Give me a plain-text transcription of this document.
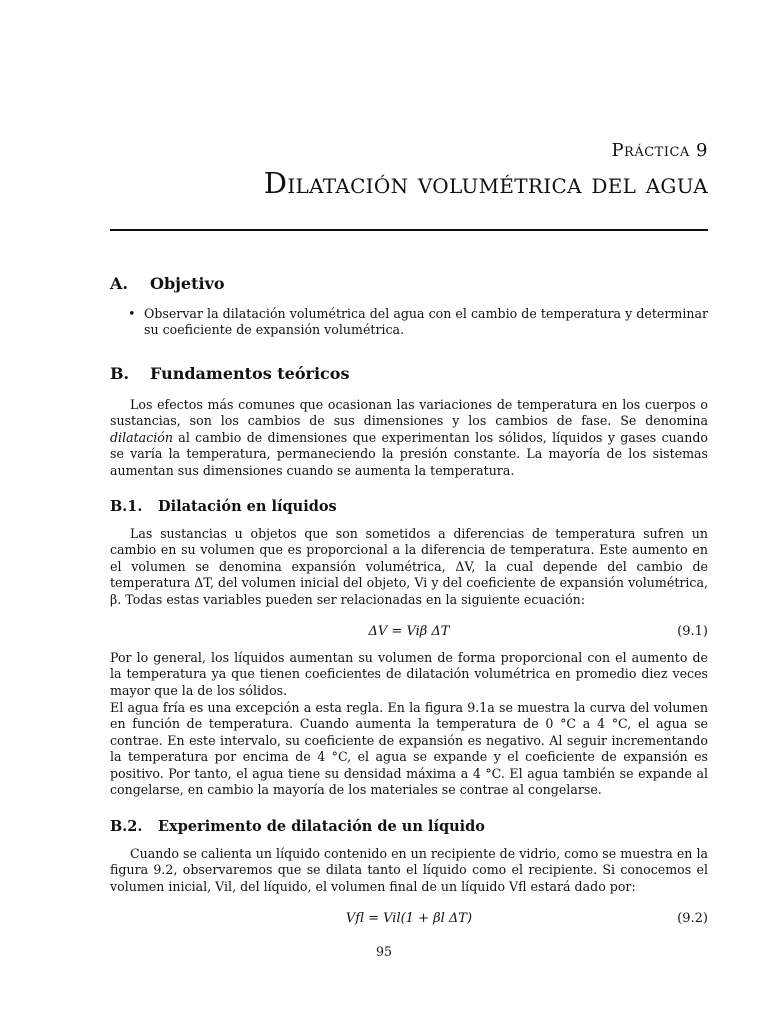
Práctica 9
Dilatación volumétrica del agua
A. Objetivo
• Observar la dilatación volumétrica del agua con el cambio de temperatura y determinar su coeficiente de expansión volumétrica.
B. Fundamentos teóricos
Los efectos más comunes que ocasionan las variaciones de temperatura en los cuerpos o sustancias, son los cambios de sus dimensiones y los cambios de fase. Se denomina dilatación al cambio de dimensiones que experimentan los sólidos, líquidos y gases cuando se varía la temperatura, permaneciendo la presión constante. La mayoría de los sistemas aumentan sus dimensiones cuando se aumenta la temperatura.
B.1. Dilatación en líquidos
Las sustancias u objetos que son sometidos a diferencias de temperatura sufren un cambio en su volumen que es proporcional a la diferencia de temperatura. Este aumento en el volumen se denomina expansión volumétrica, ΔV, la cual depende del cambio de temperatura ΔT, del volumen inicial del objeto, Vi y del coeficiente de expansión volumétrica, β. Todas estas variables pueden ser relacionadas en la siguiente ecuación:
ΔV = Viβ ΔT	(9.1)
Por lo general, los líquidos aumentan su volumen de forma proporcional con el aumento de la temperatura ya que tienen coeficientes de dilatación volumétrica en promedio diez veces mayor que la de los sólidos.
El agua fría es una excepción a esta regla. En la figura 9.1a se muestra la curva del volumen en función de temperatura. Cuando aumenta la temperatura de 0 °C a 4 °C, el agua se contrae. En este intervalo, su coeficiente de expansión es negativo. Al seguir incrementando la temperatura por encima de 4 °C, el agua se expande y el coeficiente de expansión es positivo. Por tanto, el agua tiene su densidad máxima a 4 °C. El agua también se expande al congelarse, en cambio la mayoría de los materiales se contrae al congelarse.
B.2. Experimento de dilatación de un líquido
Cuando se calienta un líquido contenido en un recipiente de vidrio, como se muestra en la figura 9.2, observaremos que se dilata tanto el líquido como el recipiente. Si conocemos el volumen inicial, Vil, del líquido, el volumen final de un líquido Vfl estará dado por:
Vfl = Vil(1 + βl ΔT)	(9.2)
95
